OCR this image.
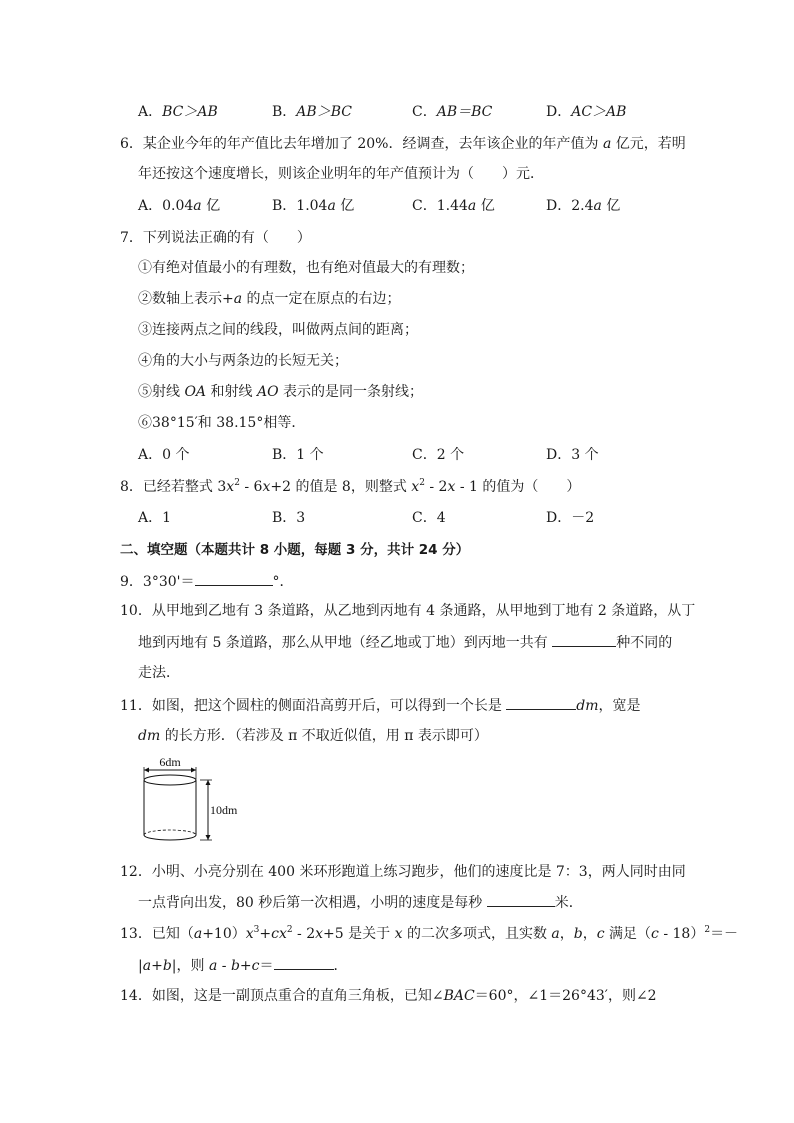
A．BC＞AB	B．AB＞BC	C．AB＝BC	D．AC＞AB
6．某企业今年的年产值比去年增加了 20%．经调查，去年该企业的年产值为 a 亿元，若明
年还按这个速度增长，则该企业明年的年产值预计为（　　）元．
A．0.04a 亿	B．1.04a 亿	C．1.44a 亿	D．2.4a 亿
7．下列说法正确的有（　　）
①有绝对值最小的有理数，也有绝对值最大的有理数；
②数轴上表示+a 的点一定在原点的右边；
③连接两点之间的线段，叫做两点间的距离；
④角的大小与两条边的长短无关；
⑤射线 OA 和射线 AO 表示的是同一条射线；
⑥38°15′和 38.15°相等．
A．0 个	B．1 个	C．2 个	D．3 个
8．已经若整式 $3x^2 - 6x+2$ 的值是 8，则整式 $x^2 - 2x - 1$ 的值为（　　）
A．1	B．3	C．4	D．－2
二、填空题（本题共计 8 小题，每题 3 分，共计 24 分）
9．3°30'＝	°．
10．从甲地到乙地有 3 条道路，从乙地到丙地有 4 条通路，从甲地到丁地有 2 条道路，从丁
地到丙地有 5 条道路，那么从甲地（经乙地或丁地）到丙地一共有	种不同的
走法．
11．如图，把这个圆柱的侧面沿高剪开后，可以得到一个长是	dm，宽是
dm 的长方形．（若涉及 π 不取近似值，用 π 表示即可）
6dm
10dm
12．小明、小亮分别在 400 米环形跑道上练习跑步，他们的速度比是 7：3，两人同时由同
一点背向出发，80 秒后第一次相遇，小明的速度是每秒	米．
13．已知$(a+10)x^3+cx^2 - 2x+5$ 是关于 x 的二次多项式，且实数 a，b，c 满足（c - 18）$^2$＝－
|a+b|，则 a - b+c＝	．
14．如图，这是一副顶点重合的直角三角板，已知∠BAC＝60°，∠1＝26°43′，则∠2
